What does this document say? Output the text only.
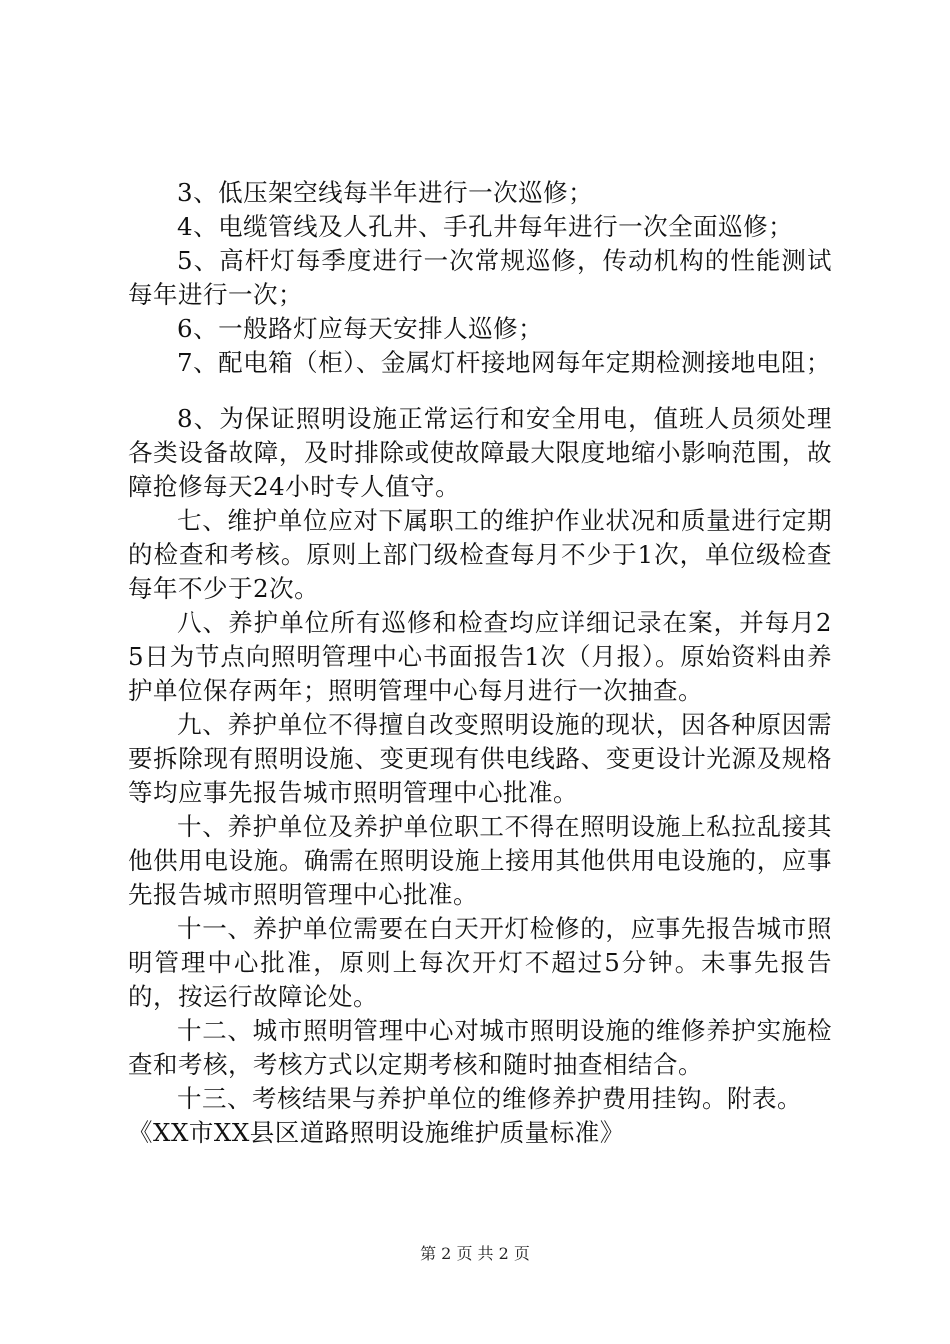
3、低压架空线每半年进行一次巡修；

4、电缆管线及人孔井、手孔井每年进行一次全面巡修；

5、高杆灯每季度进行一次常规巡修，传动机构的性能测试每年进行一次；

6、一般路灯应每天安排人巡修；

7、配电箱（柜）、金属灯杆接地网每年定期检测接地电阻；

8、为保证照明设施正常运行和安全用电，值班人员须处理各类设备故障，及时排除或使故障最大限度地缩小影响范围，故障抢修每天24小时专人值守。

七、维护单位应对下属职工的维护作业状况和质量进行定期的检查和考核。原则上部门级检查每月不少于1次，单位级检查每年不少于2次。

八、养护单位所有巡修和检查均应详细记录在案，并每月25日为节点向照明管理中心书面报告1次（月报）。原始资料由养护单位保存两年；照明管理中心每月进行一次抽查。

九、养护单位不得擅自改变照明设施的现状，因各种原因需要拆除现有照明设施、变更现有供电线路、变更设计光源及规格等均应事先报告城市照明管理中心批准。

十、养护单位及养护单位职工不得在照明设施上私拉乱接其他供用电设施。确需在照明设施上接用其他供用电设施的，应事先报告城市照明管理中心批准。

十一、养护单位需要在白天开灯检修的，应事先报告城市照明管理中心批准，原则上每次开灯不超过5分钟。未事先报告的，按运行故障论处。

十二、城市照明管理中心对城市照明设施的维修养护实施检查和考核，考核方式以定期考核和随时抽查相结合。

十三、考核结果与养护单位的维修养护费用挂钩。附表。《XX市XX县区道路照明设施维护质量标准》

第 2 页 共 2 页
